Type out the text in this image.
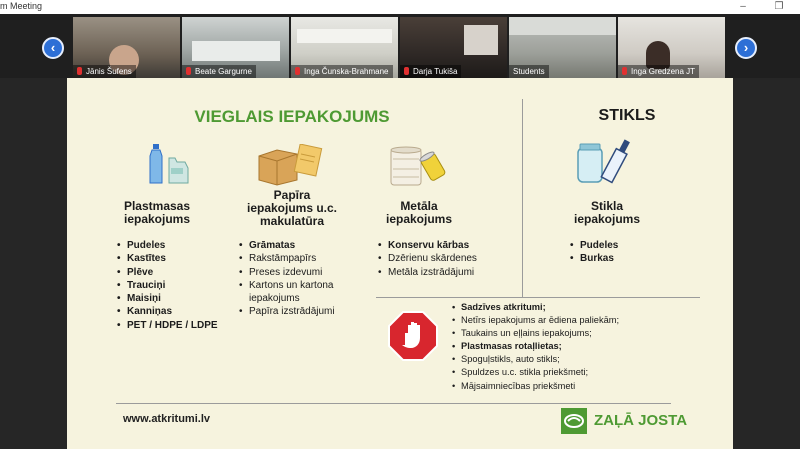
m Meeting	–	❐
‹
Jānis Šufens	Beate Gargurne	Inga Čunska-Brahmane	Darja Tukiša	Students	Inga Gredzena JT
›
VIEGLAIS IEPAKOJUMS	STIKLS
Plastmasas
iepakojums
• Pudeles
• Kastītes
• Plēve
• Trauciņi
• Maisiņi
• Kanniņas
• PET / HDPE / LDPE
Papīra
iepakojums u.c.
makulatūra
• Grāmatas
• Rakstāmpapīrs
• Preses izdevumi
• Kartons un kartona iepakojums
• Papīra izstrādājumi
Metāla
iepakojums
• Konservu kārbas
• Dzērienu skārdenes
• Metāla izstrādājumi
Stikla
iepakojums
• Pudeles
• Burkas
• Sadzīves atkritumi;
• Netīrs iepakojums ar ēdiena paliekām;
• Taukains un eļļains iepakojums;
• Plastmasas rotaļlietas;
• Spoguļstikls, auto stikls;
• Spuldzes u.c. stikla priekšmeti;
• Mājsaimniecības priekšmeti
www.atkritumi.lv	ZAĻĀ JOSTA
